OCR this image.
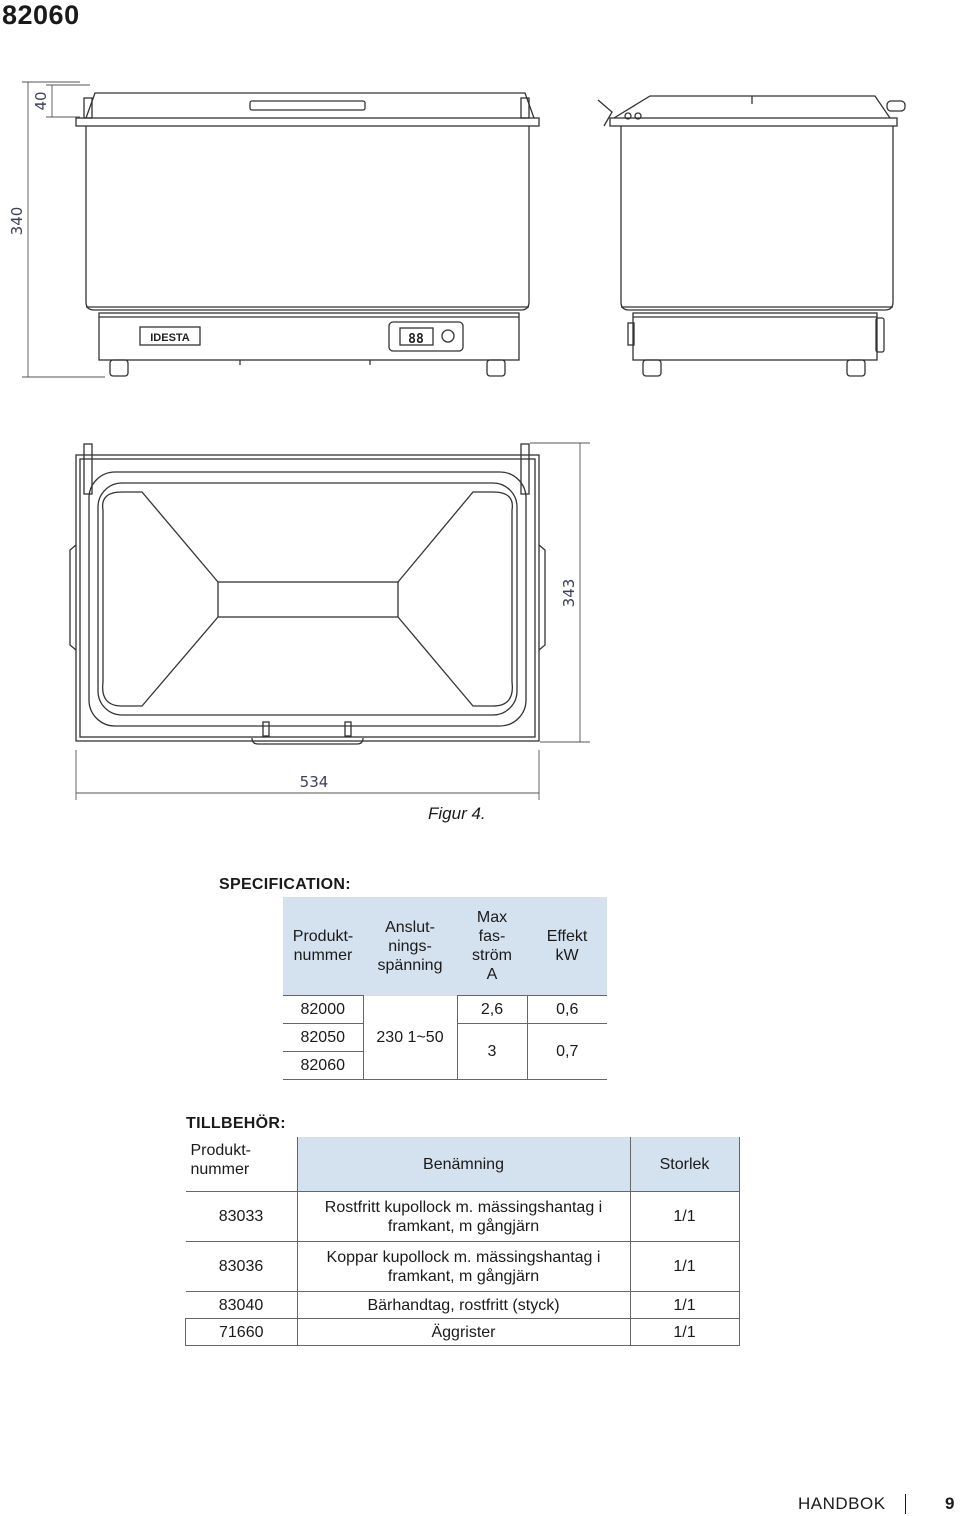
82060
IDESTA	88
340
40
343
534
Figur 4.
SPECIFICATION:
Produkt-
nummer	Anslut-
nings-
spänning	Max
fas-
ström
A	Effekt
kW
82000	230 1~50	2,6	0,6
82050		3	0,7
82060			
TILLBEHÖR:
Produkt-
nummer	Benämning	Storlek
83033	Rostfritt kupollock m. mässingshantag i
framkant, m gångjärn	1/1
83036	Koppar kupollock m. mässingshantag i
framkant, m gångjärn	1/1
83040	Bärhandtag, rostfritt (styck)	1/1
71660	Äggrister	1/1
HANDBOK	9
